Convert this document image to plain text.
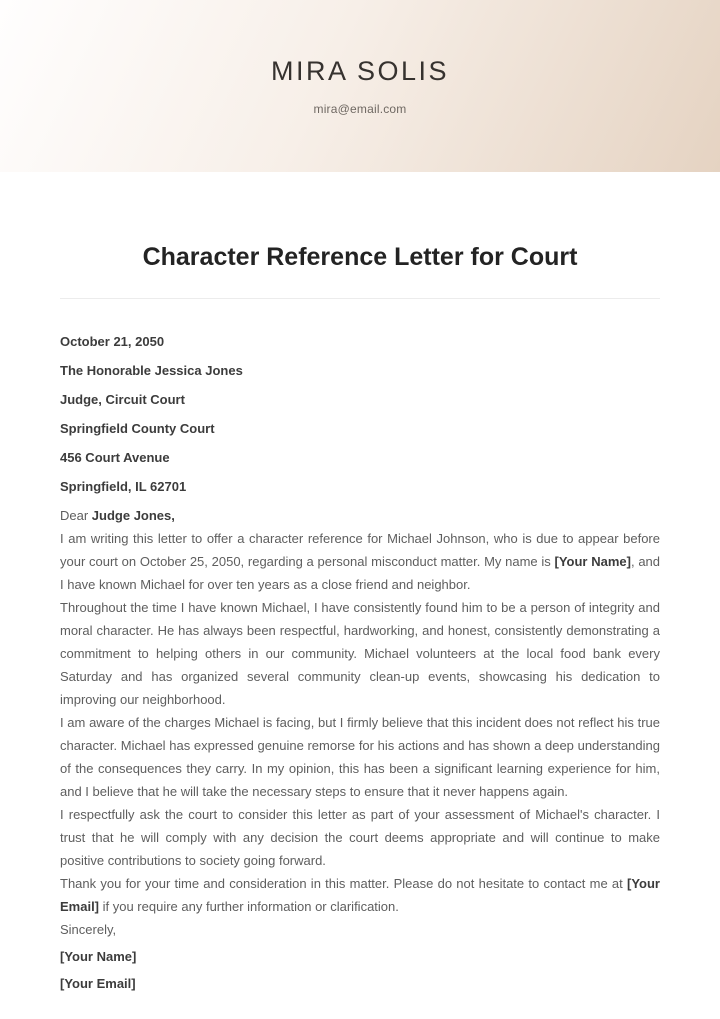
MIRA SOLIS
mira@email.com
Character Reference Letter for Court

October 21, 2050

The Honorable Jessica Jones

Judge, Circuit Court

Springfield County Court

456 Court Avenue

Springfield, IL 62701

Dear Judge Jones,

I am writing this letter to offer a character reference for Michael Johnson, who is due to appear before your court on October 25, 2050, regarding a personal misconduct matter. My name is [Your Name], and I have known Michael for over ten years as a close friend and neighbor.

Throughout the time I have known Michael, I have consistently found him to be a person of integrity and moral character. He has always been respectful, hardworking, and honest, consistently demonstrating a commitment to helping others in our community. Michael volunteers at the local food bank every Saturday and has organized several community clean-up events, showcasing his dedication to improving our neighborhood.

I am aware of the charges Michael is facing, but I firmly believe that this incident does not reflect his true character. Michael has expressed genuine remorse for his actions and has shown a deep understanding of the consequences they carry. In my opinion, this has been a significant learning experience for him, and I believe that he will take the necessary steps to ensure that it never happens again.

I respectfully ask the court to consider this letter as part of your assessment of Michael's character. I trust that he will comply with any decision the court deems appropriate and will continue to make positive contributions to society going forward.

Thank you for your time and consideration in this matter. Please do not hesitate to contact me at [Your Email] if you require any further information or clarification.

Sincerely,

[Your Name]

[Your Email]
